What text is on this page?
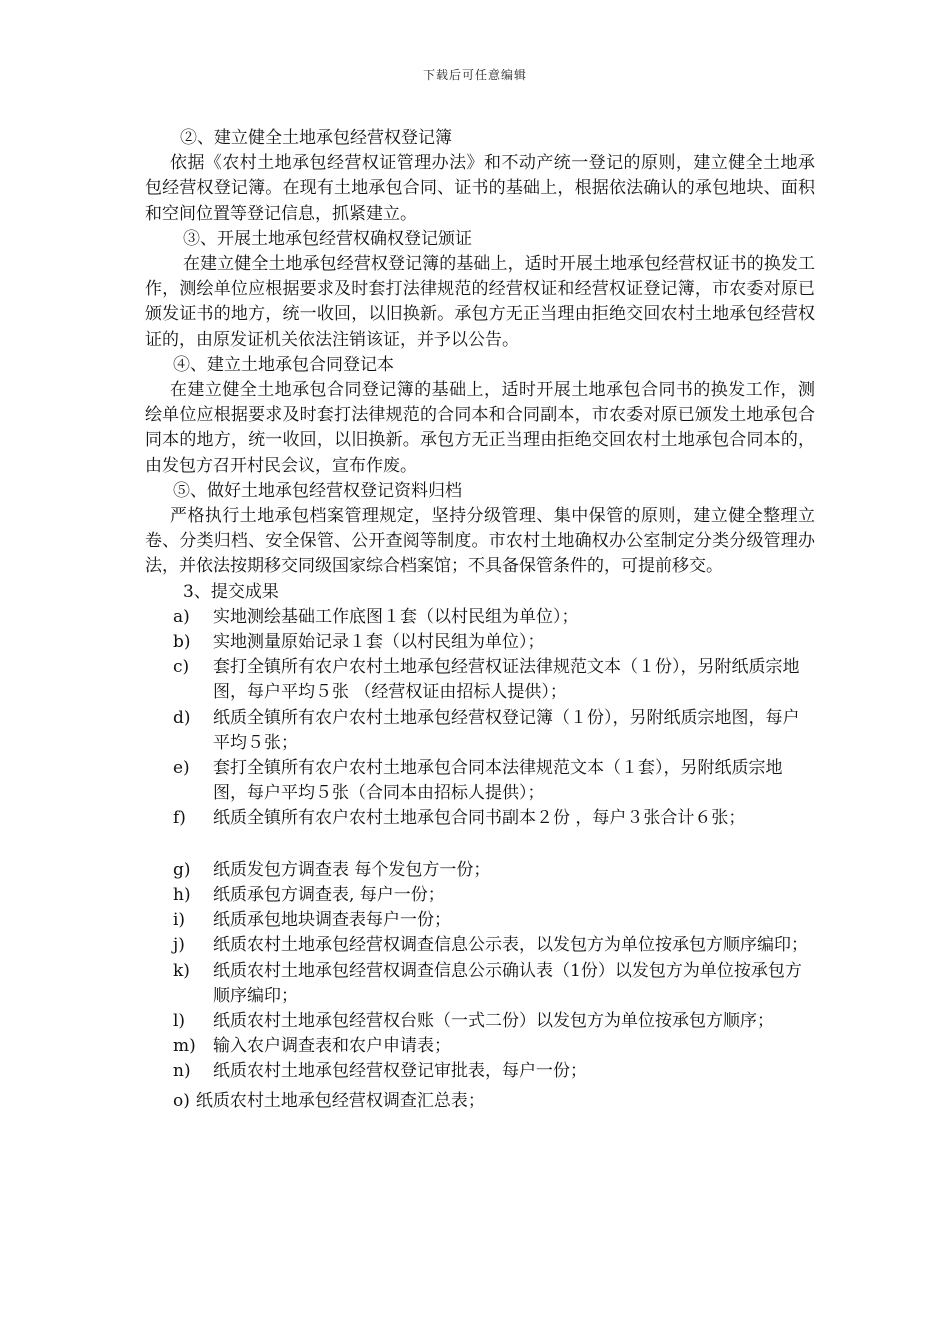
下载后可任意编辑

②、建立健全土地承包经营权登记簿

依据《农村土地承包经营权证管理办法》和不动产统一登记的原则，建立健全土地承包经营权登记簿。在现有土地承包合同、证书的基础上，根据依法确认的承包地块、面积和空间位置等登记信息，抓紧建立。

③、开展土地承包经营权确权登记颁证

在建立健全土地承包经营权登记簿的基础上，适时开展土地承包经营权证书的换发工作，测绘单位应根据要求及时套打法律规范的经营权证和经营权证登记簿，市农委对原已颁发证书的地方，统一收回，以旧换新。承包方无正当理由拒绝交回农村土地承包经营权证的，由原发证机关依法注销该证，并予以公告。

④、建立土地承包合同登记本

在建立健全土地承包合同登记簿的基础上，适时开展土地承包合同书的换发工作，测绘单位应根据要求及时套打法律规范的合同本和合同副本，市农委对原已颁发土地承包合同本的地方，统一收回，以旧换新。承包方无正当理由拒绝交回农村土地承包合同本的，由发包方召开村民会议，宣布作废。

⑤、做好土地承包经营权登记资料归档

严格执行土地承包档案管理规定，坚持分级管理、集中保管的原则，建立健全整理立卷、分类归档、安全保管、公开查阅等制度。市农村土地确权办公室制定分类分级管理办法，并依法按期移交同级国家综合档案馆；不具备保管条件的，可提前移交。

3、提交成果

a)	实地测绘基础工作底图１套（以村民组为单位）；
b)	实地测量原始记录１套（以村民组为单位）；
c)	套打全镇所有农户农村土地承包经营权证法律规范文本（１份），另附纸质宗地图，每户平均５张 （经营权证由招标人提供）；
d)	纸质全镇所有农户农村土地承包经营权登记簿（１份），另附纸质宗地图，每户平均５张；
e)	套打全镇所有农户农村土地承包合同本法律规范文本（１套），另附纸质宗地图，每户平均５张（合同本由招标人提供）；
f)	纸质全镇所有农户农村土地承包合同书副本２份 ，每户３张合计６张；
g)	纸质发包方调查表 每个发包方一份；
h)	纸质承包方调查表, 每户一份；
i)	纸质承包地块调查表每户一份；
j)	纸质农村土地承包经营权调查信息公示表，以发包方为单位按承包方顺序编印；
k)	纸质农村土地承包经营权调查信息公示确认表（1份）以发包方为单位按承包方顺序编印；
l)	纸质农村土地承包经营权台账（一式二份）以发包方为单位按承包方顺序；
m)	输入农户调查表和农户申请表；
n)	纸质农村土地承包经营权登记审批表，每户一份；
o) 纸质农村土地承包经营权调查汇总表；
